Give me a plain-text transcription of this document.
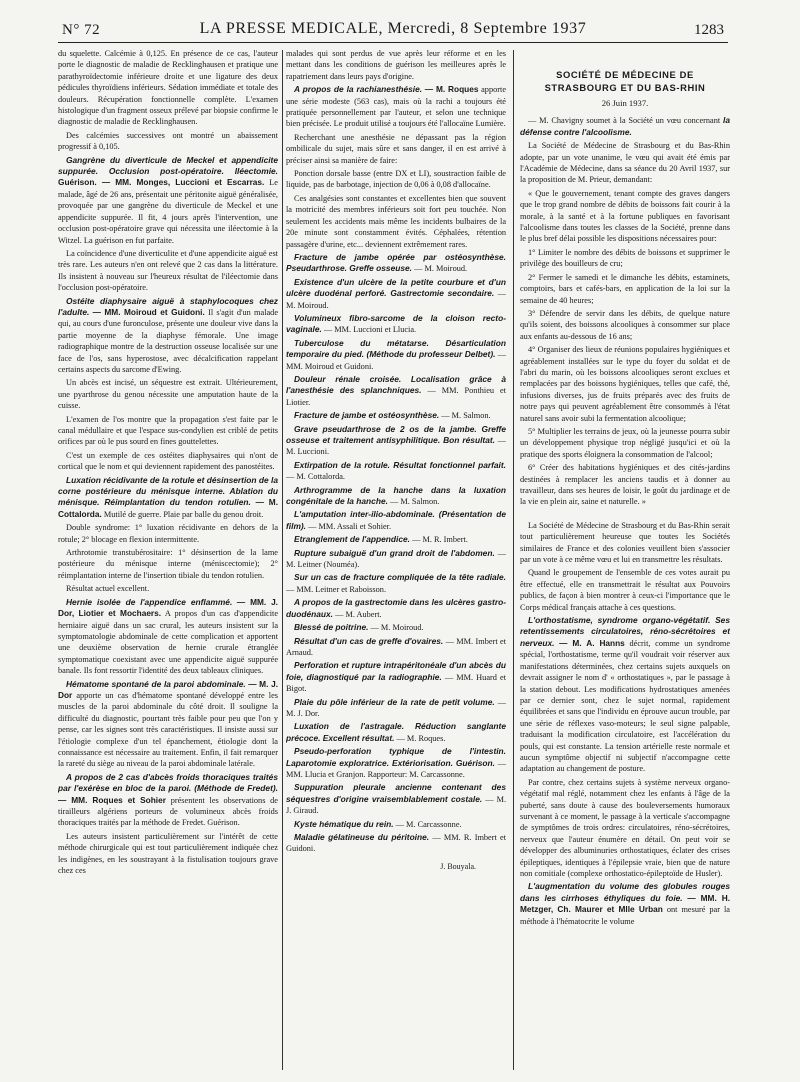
N° 72	LA PRESSE MEDICALE, Mercredi, 8 Septembre 1937	1283

du squelette. Calcémie à 0,125. En présence de ce cas, l'auteur porte le diagnostic de maladie de Recklinghausen et pratique une parathyroïdectomie inférieure droite et une ligature des deux pédicules thyroïdiens inférieurs. Sédation immédiate et totale des douleurs. Récupération fonctionnelle complète. L'examen histologique d'un fragment osseux prélevé par biopsie confirme le diagnostic de maladie de Recklinghausen.

Des calcémies successives ont montré un abaissement progressif à 0,105.

Gangrène du diverticule de Meckel et appendicite suppurée. Occlusion post-opératoire. Iléectomie. Guérison. — MM. Monges, Luccioni et Escarras. Le malade, âgé de 26 ans, présentait une péritonite aiguë généralisée, provoquée par une gangrène du diverticule de Meckel et une appendicite suppurée. Il fit, 4 jours après l'intervention, une occlusion post-opératoire grave qui nécessita une iléectomie à la Witzel. La guérison en fut parfaite.

La coïncidence d'une diverticulite et d'une appendicite aiguë est très rare. Les auteurs n'en ont relevé que 2 cas dans la littérature. Ils insistent à nouveau sur l'heureux résultat de l'iléectomie dans l'occlusion post-opératoire.

Ostéite diaphysaire aiguë à staphylocoques chez l'adulte. — MM. Moiroud et Guidoni. Il s'agit d'un malade qui, au cours d'une furonculose, présente une douleur vive dans la partie moyenne de la diaphyse fémorale. Une image radiographique montre de la destruction osseuse localisée sur une face de l'os, sans hyperostose, avec décalcification rappelant certains aspects du sarcome d'Ewing.

Un abcès est incisé, un séquestre est extrait. Ultérieurement, une pyarthrose du genou nécessite une amputation haute de la cuisse.

L'examen de l'os montre que la propagation s'est faite par le canal médullaire et que l'espace sus-condylien est criblé de petits orifices par où le pus sourd en fines gouttelettes.

C'est un exemple de ces ostéites diaphysaires qui n'ont de cortical que le nom et qui deviennent rapidement des panostéites.

Luxation récidivante de la rotule et désinsertion de la corne postérieure du ménisque interne. Ablation du ménisque. Réimplantation du tendon rotulien. — M. Cottalorda. Mutilé de guerre. Plaie par balle du genou droit.

Double syndrome: 1° luxation récidivante en dehors de la rotule; 2° blocage en flexion intermittente.

Arthrotomie transtubérositaire: 1° désinsertion de la lame postérieure du ménisque interne (méniscectomie); 2° réimplantation interne de l'insertion tibiale du tendon rotulien.

Résultat actuel excellent.

Hernie isolée de l'appendice enflammé. — MM. J. Dor, Liotier et Mochaers. A propos d'un cas d'appendicite herniaire aiguë dans un sac crural, les auteurs insistent sur la symptomatologie abdominale de cette complication et apportent une deuxième observation de hernie crurale étranglée symptomatique coexistant avec une appendicite aiguë suppurée banale. Ils font ressortir l'identité des deux tableaux cliniques.

Hématome spontané de la paroi abdominale. — M. J. Dor apporte un cas d'hématome spontané développé entre les muscles de la paroi abdominale du côté droit. Il souligne la difficulté du diagnostic, pourtant très faible pour peu que l'on y pense, car les signes sont très caractéristiques. Il insiste aussi sur l'étiologie complexe d'un tel épanchement, étiologie dont la connaissance est nécessaire au traitement. Enfin, il fait remarquer la rareté du siège au niveau de la paroi abdominale latérale.

A propos de 2 cas d'abcès froids thoraciques traités par l'exérèse en bloc de la paroi. (Méthode de Fredet). — MM. Roques et Sohier présentent les observations de tirailleurs algériens porteurs de volumineux abcès froids thoraciques traités par la méthode de Fredet. Guérison.

Les auteurs insistent particulièrement sur l'intérêt de cette méthode chirurgicale qui est tout particulièrement indiquée chez les indigènes, en les soustrayant à la fistulisation toujours grave chez ces

malades qui sont perdus de vue après leur réforme et en les mettant dans les conditions de guérison les meilleures après le rapatriement dans leurs pays d'origine.

A propos de la rachianesthésie. — M. Roques apporte une série modeste (563 cas), mais où la rachi a toujours été pratiquée personnellement par l'auteur, et selon une technique bien précisée. Le produit utilisé a toujours été l'allocaïne Lumière.

Recherchant une anesthésie ne dépassant pas la région ombilicale du sujet, mais sûre et sans danger, il en est arrivé à préciser ainsi sa manière de faire:

Ponction dorsale basse (entre DX et LI), soustraction faible de liquide, pas de barbotage, injection de 0,06 à 0,08 d'allocaïne.

Ces analgésies sont constantes et excellentes bien que souvent la motricité des membres inférieurs soit fort peu touchée. Non seulement les accidents mais même les incidents bulbaires de la 20e minute sont constamment évités. Céphalées, rétention passagère d'urine, etc... deviennent extrêmement rares.

Fracture de jambe opérée par ostéosynthèse. Pseudarthrose. Greffe osseuse. — M. Moiroud.

Existence d'un ulcère de la petite courbure et d'un ulcère duodénal perforé. Gastrectomie secondaire. — M. Moiroud.

Volumineux fibro-sarcome de la cloison recto-vaginale. — MM. Luccioni et Llucia.

Tuberculose du métatarse. Désarticulation temporaire du pied. (Méthode du professeur Delbet). — MM. Moiroud et Guidoni.

Douleur rénale croisée. Localisation grâce à l'anesthésie des splanchniques. — MM. Ponthieu et Liotier.

Fracture de jambe et ostéosynthèse. — M. Salmon.

Grave pseudarthrose de 2 os de la jambe. Greffe osseuse et traitement antisyphilitique. Bon résultat. — M. Luccioni.

Extirpation de la rotule. Résultat fonctionnel parfait. — M. Cottalorda.

Arthrogramme de la hanche dans la luxation congénitale de la hanche. — M. Salmon.

L'amputation inter-ilio-abdominale. (Présentation de film). — MM. Assali et Sohier.

Etranglement de l'appendice. — M. R. Imbert.

Rupture subaiguë d'un grand droit de l'abdomen. — M. Leitner (Nouméa).

Sur un cas de fracture compliquée de la tête radiale. — MM. Leitner et Raboisson.

A propos de la gastrectomie dans les ulcères gastro-duodénaux. — M. Aubert.

Blessé de poitrine. — M. Moiroud.

Résultat d'un cas de greffe d'ovaires. — MM. Imbert et Arnaud.

Perforation et rupture intrapéritonéale d'un abcès du foie, diagnostiqué par la radiographie. — MM. Huard et Bigot.

Plaie du pôle inférieur de la rate de petit volume. — M. J. Dor.

Luxation de l'astragale. Réduction sanglante précoce. Excellent résultat. — M. Roques.

Pseudo-perforation typhique de l'intestin. Laparotomie exploratrice. Extériorisation. Guérison. — MM. Llucia et Granjon. Rapporteur: M. Carcassonne.

Suppuration pleurale ancienne contenant des séquestres d'origine vraisemblablement costale. — M. J. Giraud.

Kyste hématique du rein. — M. Carcassonne.

Maladie gélatineuse du péritoine. — MM. R. Imbert et Guidoni.

J. Bouyala.
SOCIÉTÉ DE MÉDECINE DE STRASBOURG ET DU BAS-RHIN
26 Juin 1937.

— M. Chavigny soumet à la Société un vœu concernant la défense contre l'alcoolisme.

La Société de Médecine de Strasbourg et du Bas-Rhin adopte, par un vote unanime, le vœu qui avait été émis par l'Académie de Médecine, dans sa séance du 20 Avril 1937, sur la proposition de M. Prieur, demandant:

« Que le gouvernement, tenant compte des graves dangers que le trop grand nombre de débits de boissons fait courir à la morale, à la santé et à la fortune publiques en favorisant l'alcoolisme dans toutes les classes de la Société, prenne dans le plus bref délai possible les dispositions nécessaires pour:

1° Limiter le nombre des débits de boissons et supprimer le privilège des bouilleurs de cru;

2° Fermer le samedi et le dimanche les débits, estaminets, comptoirs, bars et cafés-bars, en application de la loi sur la semaine de 40 heures;

3° Défendre de servir dans les débits, de quelque nature qu'ils soient, des boissons alcooliques à consommer sur place aux enfants au-dessous de 16 ans;

4° Organiser des lieux de réunions populaires hygiéniques et agréablement installées sur le type du foyer du soldat et de l'abri du marin, où les boissons alcooliques seront exclues et remplacées par des boissons hygiéniques, telles que café, thé, infusions diverses, jus de fruits préparés avec des fruits de notre pays qui peuvent agréablement être consommés à l'état naturel sans avoir subi la fermentation alcoolique;

5° Multiplier les terrains de jeux, où la jeunesse pourra subir un développement physique trop négligé jusqu'ici et où la pratique des sports éloignera la consommation de l'alcool;

6° Créer des habitations hygiéniques et des cités-jardins destinées à remplacer les anciens taudis et à donner au travailleur, dans ses heures de loisir, le goût du jardinage et de la vie en plein air, saine et naturelle. »

La Société de Médecine de Strasbourg et du Bas-Rhin serait tout particulièrement heureuse que toutes les Sociétés similaires de France et des colonies veuillent bien s'associer par un vote à ce même vœu et lui en transmettre les résultats.

Quand le groupement de l'ensemble de ces votes aurait pu être effectué, elle en transmettrait le résultat aux Pouvoirs publics, de façon à bien montrer à ceux-ci l'importance que le Corps médical français attache à ces questions.

L'orthostatisme, syndrome organo-végétatif. Ses retentissements circulatoires, réno-sécrétoires et nerveux. — M. A. Hanns décrit, comme un syndrome spécial, l'orthostatisme, terme qu'il voudrait voir réserver aux manifestations déterminées, chez certains sujets auxquels on devrait assigner le nom d' « orthostatiques », par le passage à la station debout. Les modifications hydrostatiques amenées par ce dernier sont, chez le sujet normal, rapidement équilibrées et sans que l'individu en éprouve aucun trouble, par une série de réflexes vaso-moteurs; le seul signe palpable, traduisant la modification circulatoire, est l'accélération du pouls, qui est constante. La tension artérielle reste normale et aucun symptôme objectif ni subjectif n'accompagne cette adaptation au changement de posture.

Par contre, chez certains sujets à système nerveux organo-végétatif mal réglé, notamment chez les enfants à l'âge de la puberté, sans doute à cause des bouleversements humoraux survenant à ce moment, le passage à la verticale s'accompagne de symptômes de trois ordres: circulatoires, réno-sécrétoires, nerveux que l'auteur énumère en détail. On peut voir se développer des albuminuries orthostatiques, éclater des crises épileptiques, identiques à l'épilepsie vraie, bien que de nature non comitiale (complexe orthostatico-épileptoïde de Husler).

L'augmentation du volume des globules rouges dans les cirrhoses éthyliques du foie. — MM. H. Metzger, Ch. Maurer et Mlle Urban ont mesuré par la méthode à l'hématocrite le volume
